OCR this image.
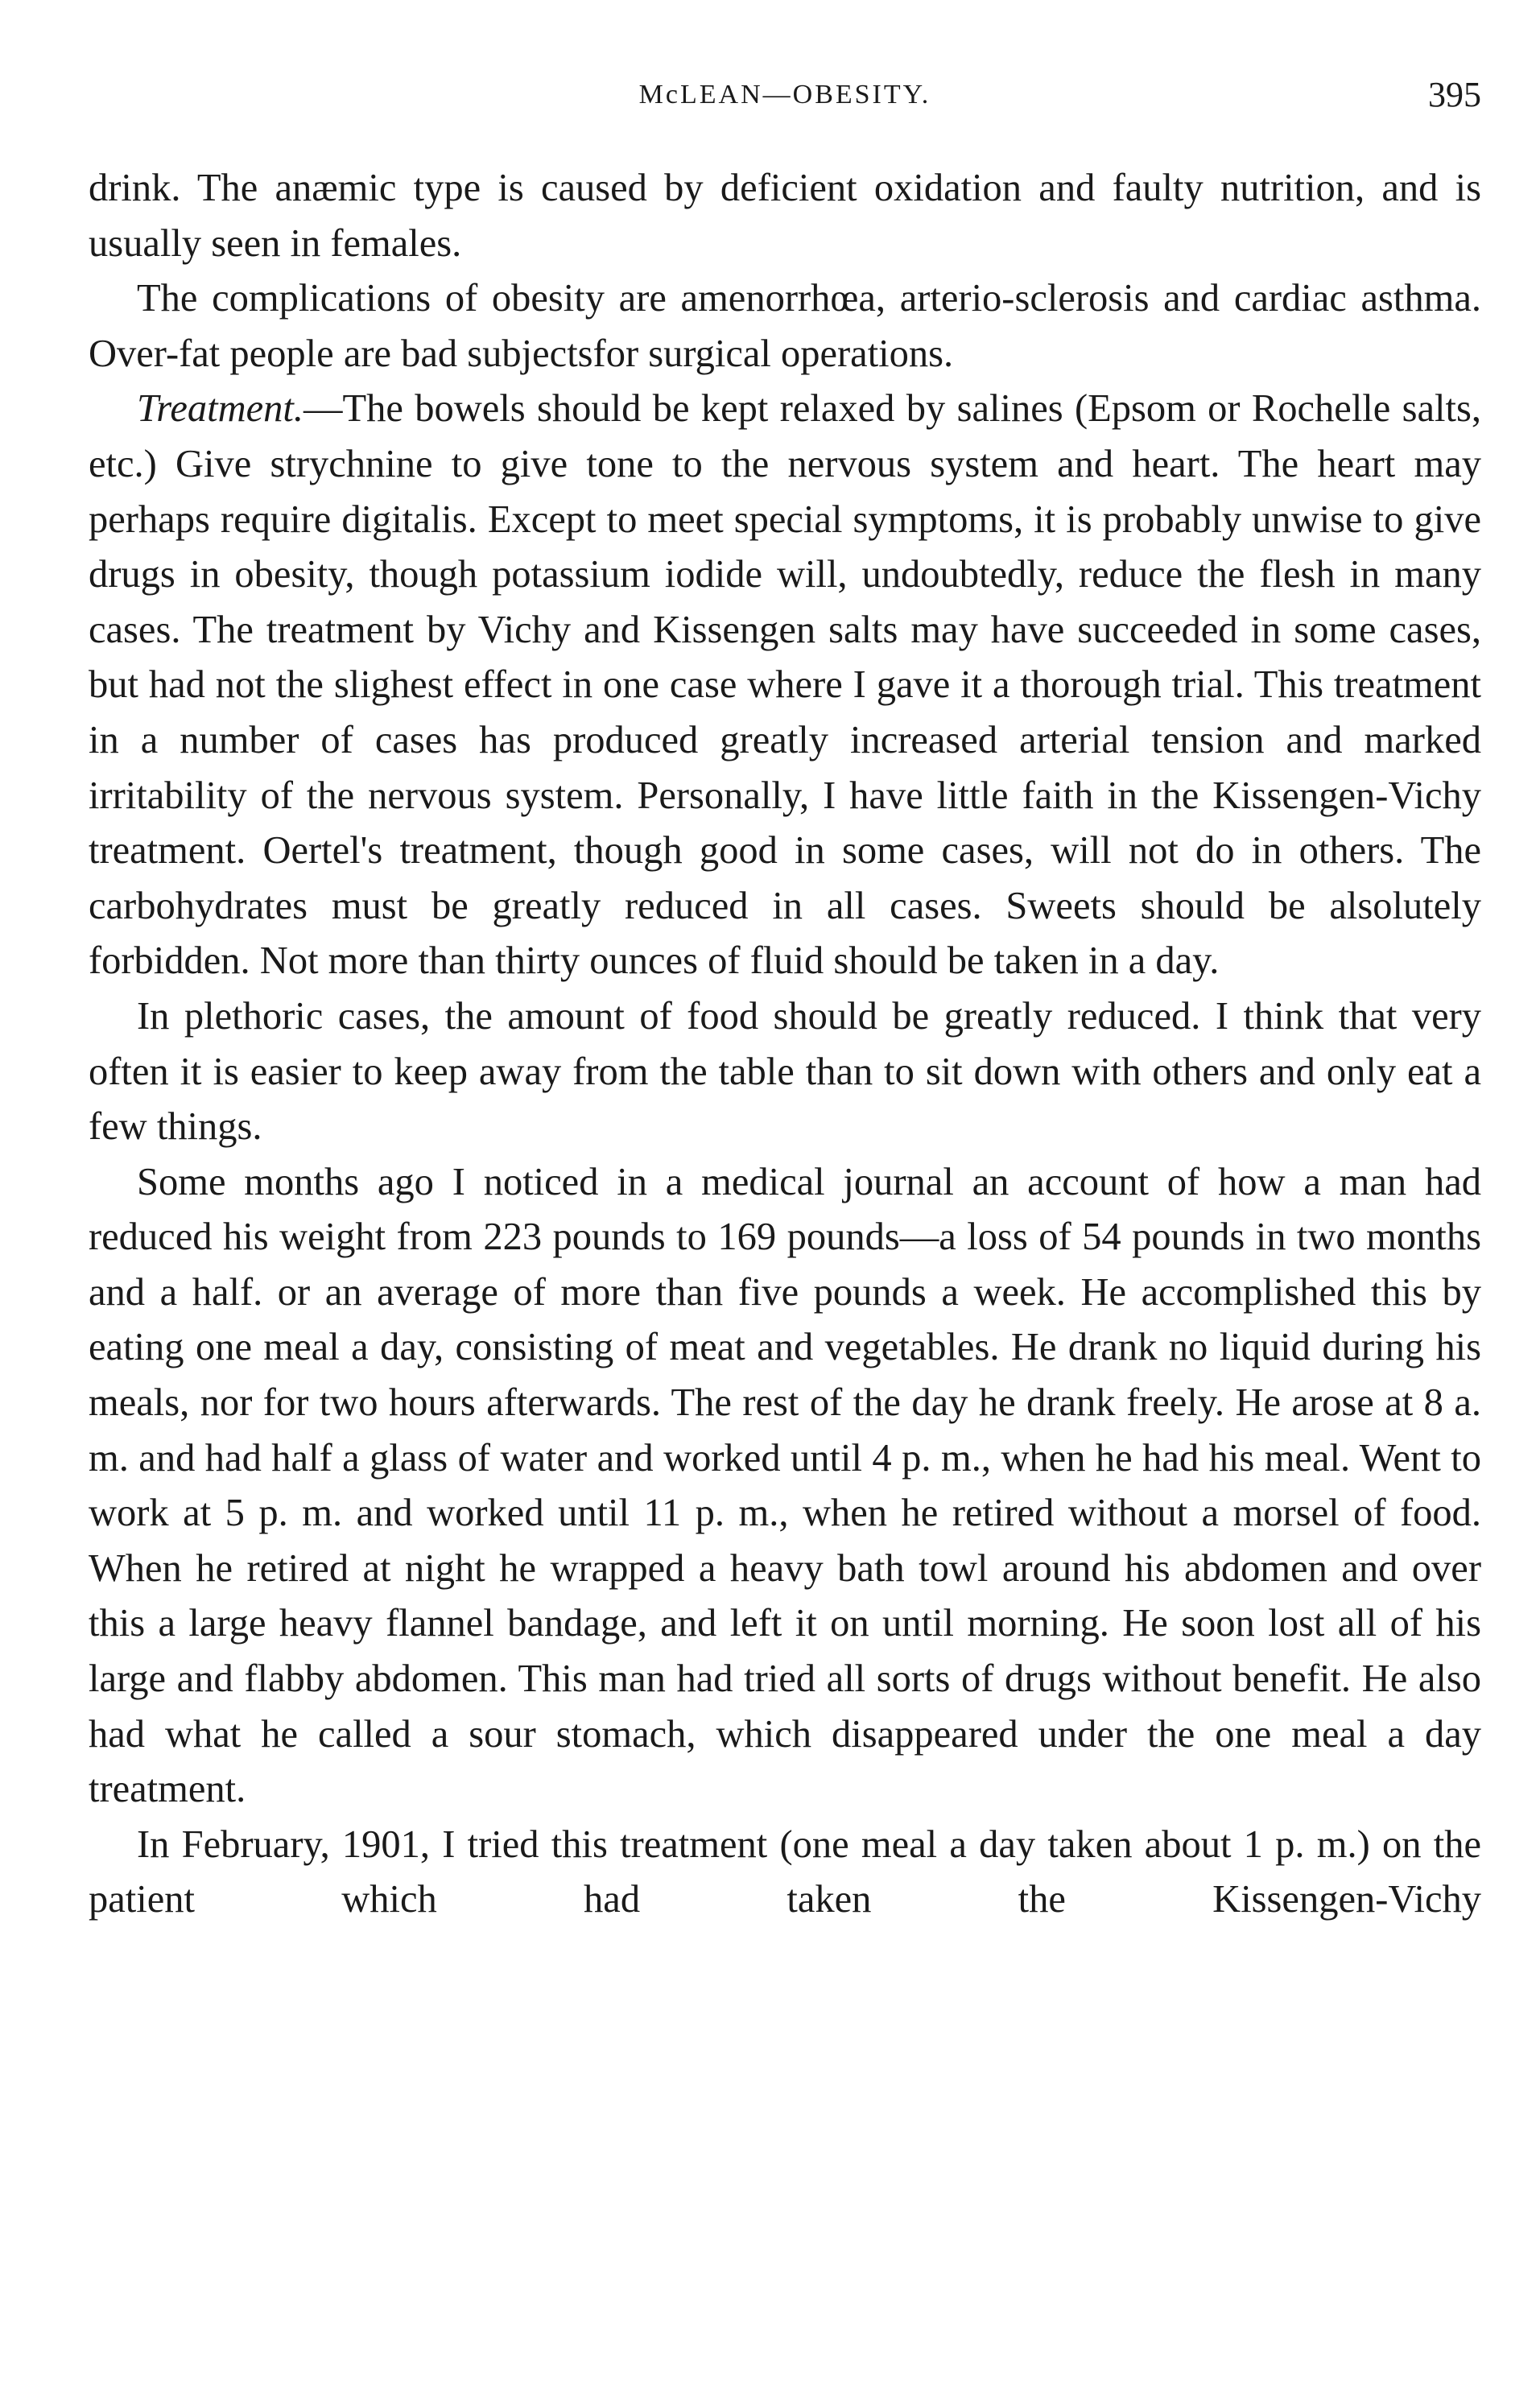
McLEAN—OBESITY.	395

drink. The anæmic type is caused by deficient oxidation and faulty nutrition, and is usually seen in females.

The complications of obesity are amenorrhœa, arterio-sclerosis and cardiac asthma. Over-fat people are bad subjectsfor surgical operations.

Treatment.—The bowels should be kept relaxed by salines (Epsom or Rochelle salts, etc.) Give strychnine to give tone to the nervous system and heart. The heart may perhaps require digitalis. Except to meet special symptoms, it is probably unwise to give drugs in obesity, though potassium iodide will, undoubtedly, reduce the flesh in many cases. The treatment by Vichy and Kissengen salts may have succeeded in some cases, but had not the slighest effect in one case where I gave it a thorough trial. This treatment in a number of cases has produced greatly increased arterial tension and marked irritability of the nervous system. Personally, I have little faith in the Kissengen-Vichy treatment. Oertel's treatment, though good in some cases, will not do in others. The carbohydrates must be greatly reduced in all cases. Sweets should be alsolutely forbidden. Not more than thirty ounces of fluid should be taken in a day.

In plethoric cases, the amount of food should be greatly reduced. I think that very often it is easier to keep away from the table than to sit down with others and only eat a few things.

Some months ago I noticed in a medical journal an account of how a man had reduced his weight from 223 pounds to 169 pounds—a loss of 54 pounds in two months and a half. or an average of more than five pounds a week. He accomplished this by eating one meal a day, consisting of meat and vegetables. He drank no liquid during his meals, nor for two hours afterwards. The rest of the day he drank freely. He arose at 8 a. m. and had half a glass of water and worked until 4 p. m., when he had his meal. Went to work at 5 p. m. and worked until 11 p. m., when he retired without a morsel of food. When he retired at night he wrapped a heavy bath towl around his abdomen and over this a large heavy flannel bandage, and left it on until morning. He soon lost all of his large and flabby abdomen. This man had tried all sorts of drugs without benefit. He also had what he called a sour stomach, which disappeared under the one meal a day treatment.

In February, 1901, I tried this treatment (one meal a day taken about 1 p. m.) on the patient which had taken the Kissengen-Vichy
